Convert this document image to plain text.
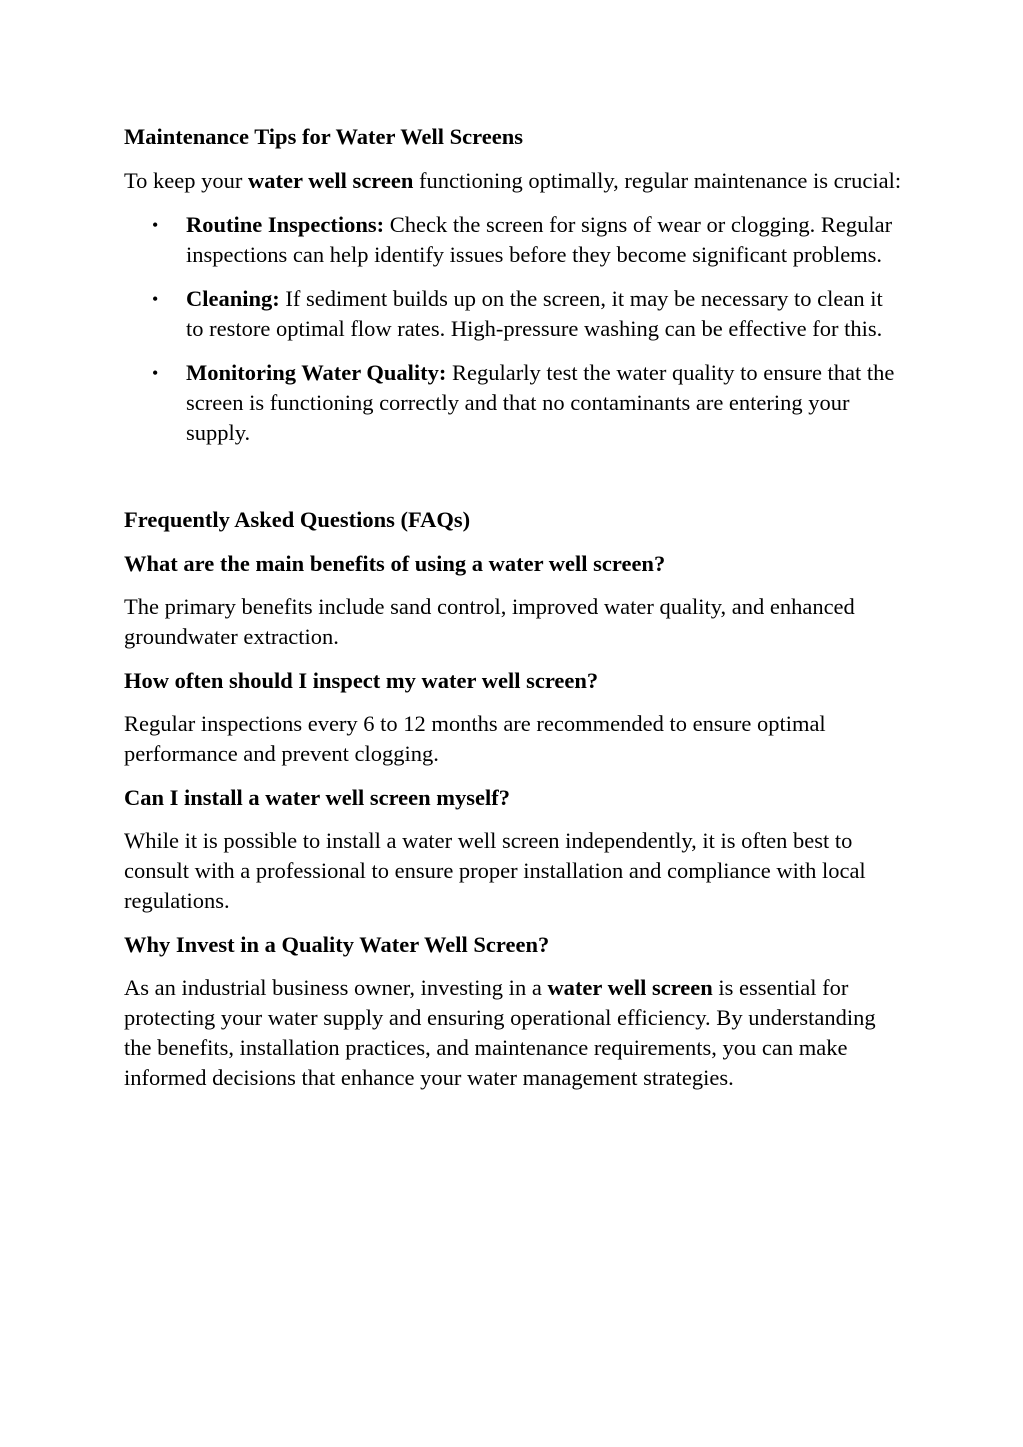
Maintenance Tips for Water Well Screens

To keep your water well screen functioning optimally, regular maintenance is crucial:

• Routine Inspections: Check the screen for signs of wear or clogging. Regular inspections can help identify issues before they become significant problems.
• Cleaning: If sediment builds up on the screen, it may be necessary to clean it to restore optimal flow rates. High-pressure washing can be effective for this.
• Monitoring Water Quality: Regularly test the water quality to ensure that the screen is functioning correctly and that no contaminants are entering your supply.
Frequently Asked Questions (FAQs)
What are the main benefits of using a water well screen?

The primary benefits include sand control, improved water quality, and enhanced groundwater extraction.

How often should I inspect my water well screen?

Regular inspections every 6 to 12 months are recommended to ensure optimal performance and prevent clogging.

Can I install a water well screen myself?

While it is possible to install a water well screen independently, it is often best to consult with a professional to ensure proper installation and compliance with local regulations.

Why Invest in a Quality Water Well Screen?

As an industrial business owner, investing in a water well screen is essential for protecting your water supply and ensuring operational efficiency. By understanding the benefits, installation practices, and maintenance requirements, you can make informed decisions that enhance your water management strategies.
